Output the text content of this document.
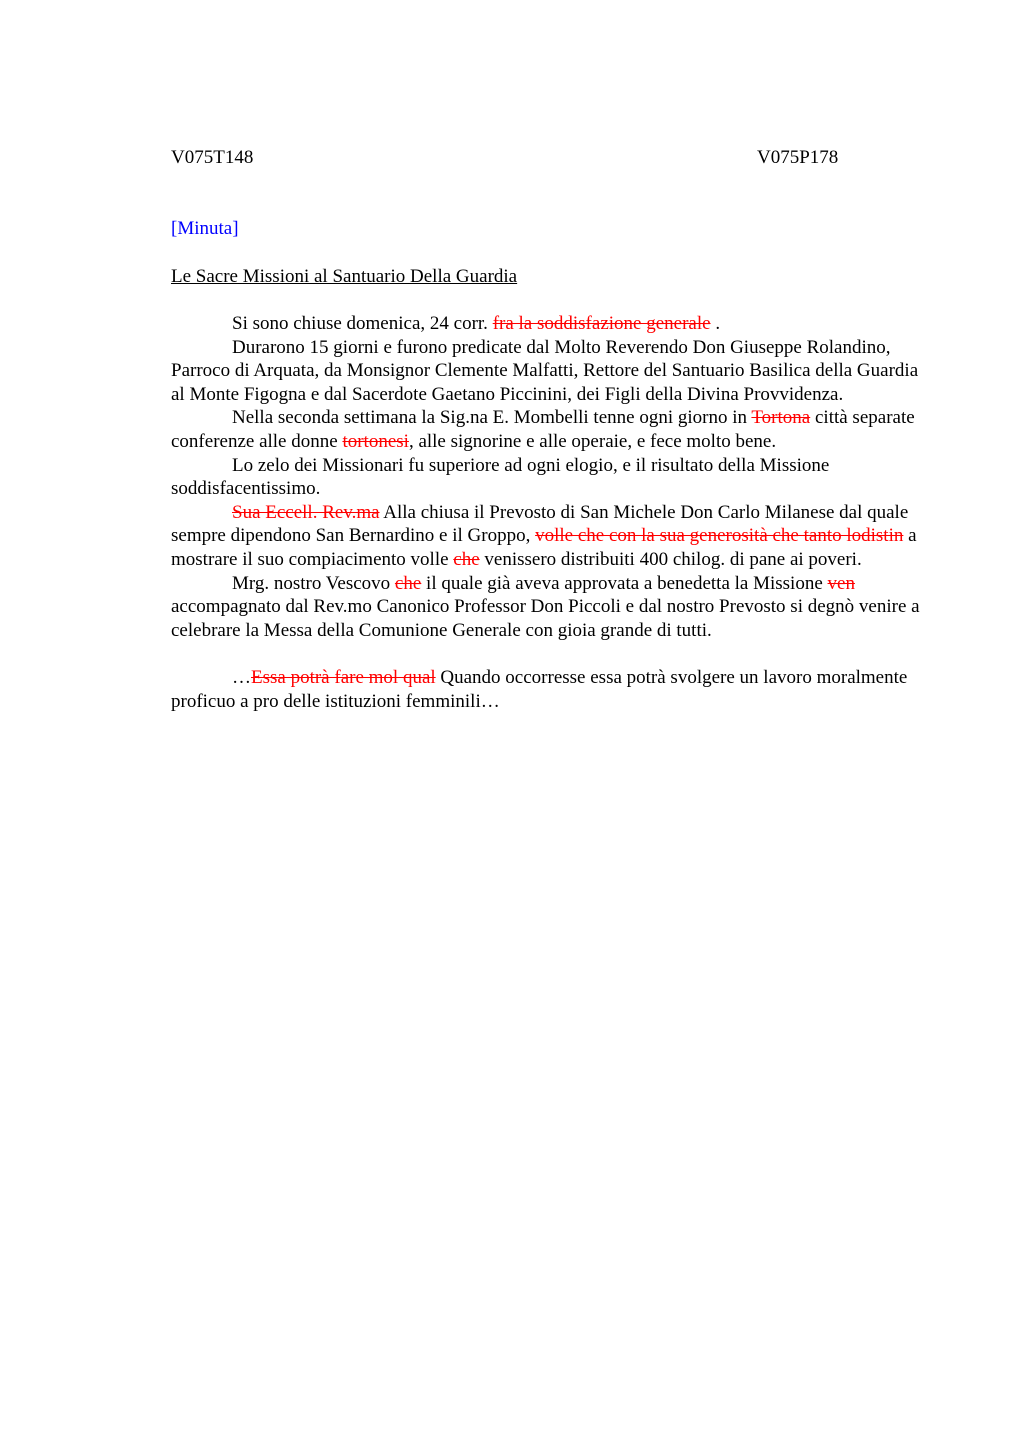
V075T148	V075P178
[Minuta]
Le Sacre Missioni al Santuario Della Guardia

Si sono chiuse domenica, 24 corr. fra la soddisfazione generale .

Durarono 15 giorni e furono predicate dal Molto Reverendo Don Giuseppe Rolandino, Parroco di Arquata, da Monsignor Clemente Malfatti, Rettore del Santuario Basilica della Guardia al Monte Figogna e dal Sacerdote Gaetano Piccinini, dei Figli della Divina Provvidenza.

Nella seconda settimana la Sig.na E. Mombelli tenne ogni giorno in Tortona città separate conferenze alle donne tortonesi, alle signorine e alle operaie, e fece molto bene.

Lo zelo dei Missionari fu superiore ad ogni elogio, e il risultato della Missione soddisfacentissimo.

Sua Eccell. Rev.ma Alla chiusa il Prevosto di San Michele Don Carlo Milanese dal quale sempre dipendono San Bernardino e il Groppo, volle che con la sua generosità che tanto lodistin a mostrare il suo compiacimento volle che venissero distribuiti 400 chilog. di pane ai poveri.

Mrg. nostro Vescovo che il quale già aveva approvata a benedetta la Missione ven accompagnato dal Rev.mo Canonico Professor Don Piccoli e dal nostro Prevosto si degnò venire a celebrare la Messa della Comunione Generale con gioia grande di tutti.

…Essa potrà fare mol qual Quando occorresse essa potrà svolgere un lavoro moralmente proficuo a pro delle istituzioni femminili…
